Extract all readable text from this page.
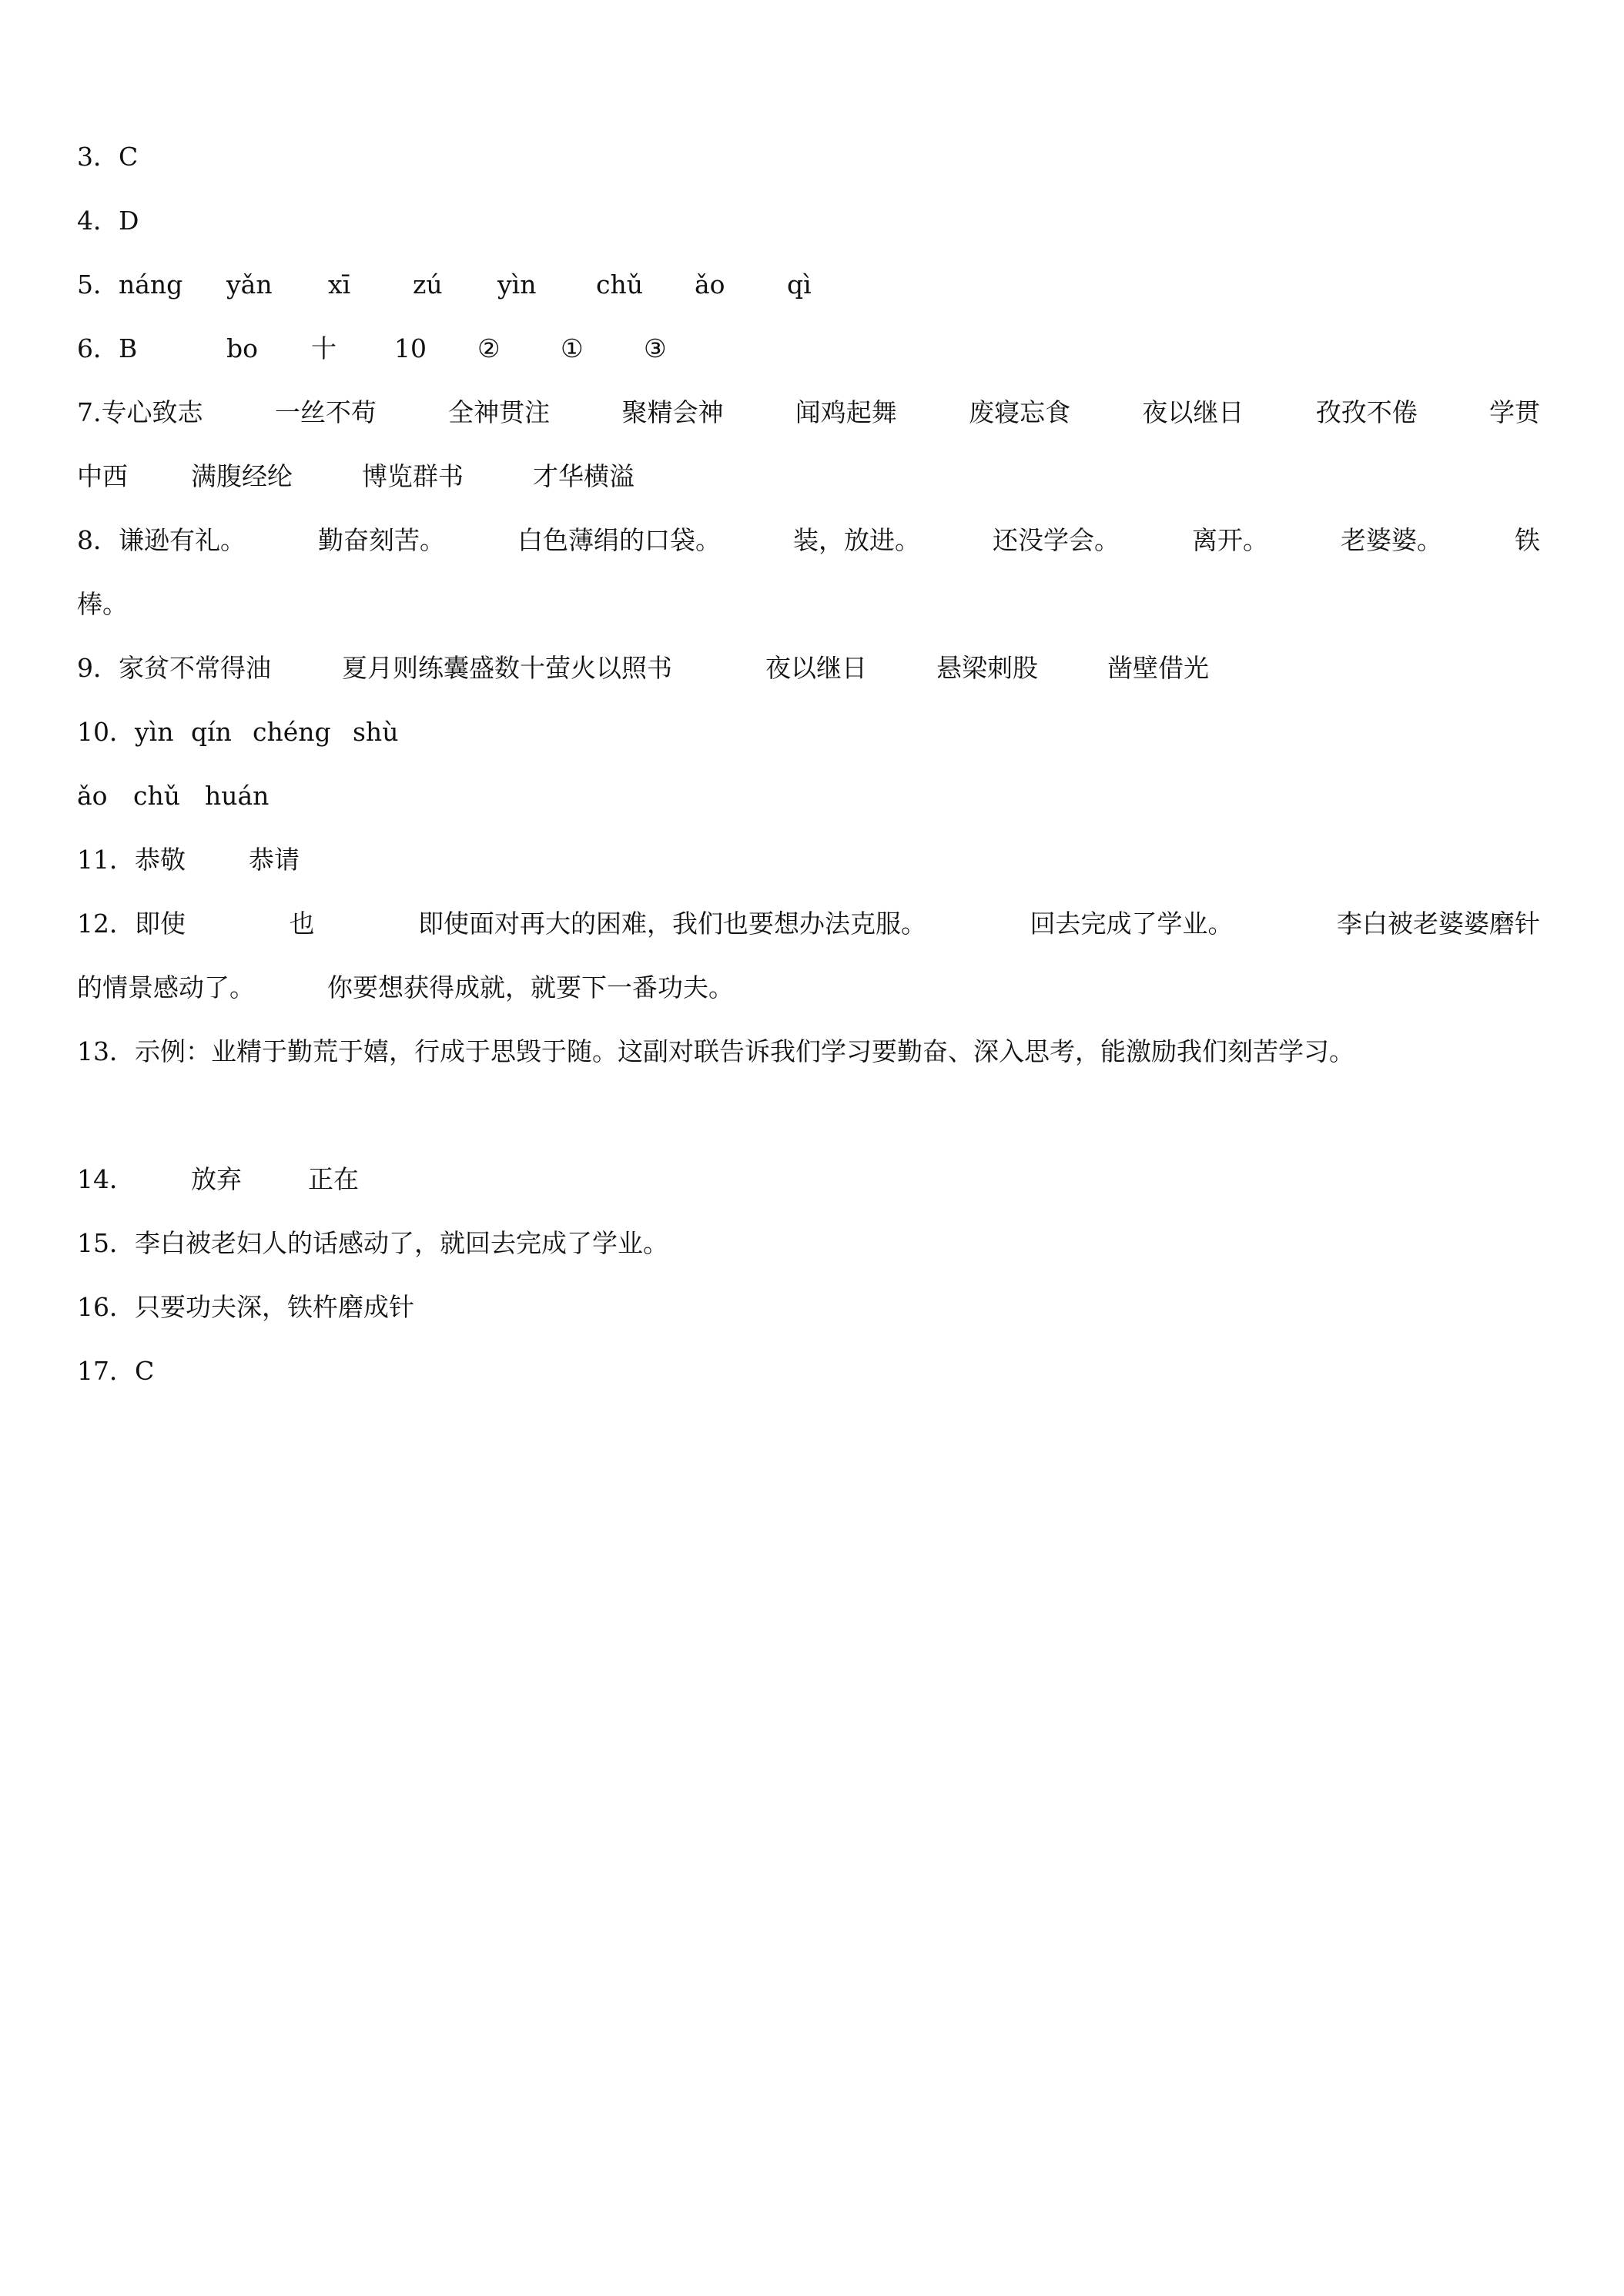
3． C
4． D
5． náng	yǎn	xī	zú	yìn	chǔ	ǎo	qì
6． B	bo	十	10	②	①	③
7.专心致志	一丝不苟	全神贯注	聚精会神	闻鸡起舞	废寝忘食	夜以继日	孜孜不倦	学贯
中西	满腹经纶	博览群书	才华横溢
8．谦逊有礼。	勤奋刻苦。	白色薄绢的口袋。	装，放进。	还没学会。	离开。	老婆婆。	铁
棒。
9． 家贫不常得油	夏月则练囊盛数十萤火以照书	夜以继日	悬梁刺股	凿壁借光
10． yìn qín chéng shù
ǎo	chǔ huán
11． 恭敬	恭请
12．即使	也	即使面对再大的困难，我们也要想办法克服。	回去完成了学业。	李白被老婆婆磨针
的情景感动了。	你要想获得成就，就要下一番功夫。
13． 示例：业精于勤荒于嬉，行成于思毁于随。这副对联告诉我们学习要勤奋、深入思考，能激励我们刻苦学习。
14．	放弃	正在
15． 李白被老妇人的话感动了，就回去完成了学业。
16． 只要功夫深，铁杵磨成针
17． C
